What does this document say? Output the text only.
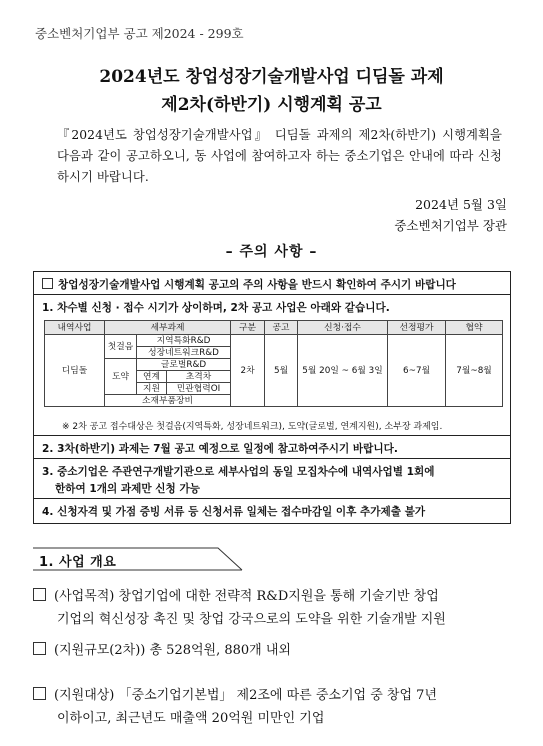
중소벤처기업부 공고 제2024 - 299호
2024년도 창업성장기술개발사업 디딤돌 과제
제2차(하반기) 시행계획 공고
『2024년도 창업성장기술개발사업』 디딤돌 과제의 제2차(하반기) 시행계획을 다음과 같이 공고하오니, 동 사업에 참여하고자 하는 중소기업은 안내에 따라 신청하시기 바랍니다.
2024년 5월 3일
중소벤처기업부 장관
– 주의 사항 –
창업성장기술개발사업 시행계획 공고의 주의 사항을 반드시 확인하여 주시기 바랍니다
1. 차수별 신청 · 접수 시기가 상이하며, 2차 공고 사업은 아래와 같습니다.
내역사업	세부과제			구분	공고	신청·접수	선정평가	협약
디딤돌	첫걸음	지역특화R&D		2차	5월	5월 20일 ~ 6월 3일	6~7월	7월~8월
		성장네트워크R&D						
	도약	글로벌R&D						
		연계	초격차					
		지원	민관협력OI					
	소재부품장비							
※ 2차 공고 접수대상은 첫걸음(지역특화, 성장네트워크), 도약(글로벌, 연계지원), 소부장 과제임.
2. 3차(하반기) 과제는 7월 공고 예정으로 일정에 참고하여주시기 바랍니다.
3. 중소기업은 주관연구개발기관으로 세부사업의 동일 모집차수에 내역사업별 1회에
한하여 1개의 과제만 신청 가능
4. 신청자격 및 가점 증빙 서류 등 신청서류 일체는 접수마감일 이후 추가제출 불가
1. 사업 개요
(사업목적) 창업기업에 대한 전략적 R&D지원을 통해 기술기반 창업
기업의 혁신성장 촉진 및 창업 강국으로의 도약을 위한 기술개발 지원
(지원규모(2차)) 총 528억원, 880개 내외
(지원대상) 「중소기업기본법」 제2조에 따른 중소기업 중 창업 7년
이하이고, 최근년도 매출액 20억원 미만인 기업
